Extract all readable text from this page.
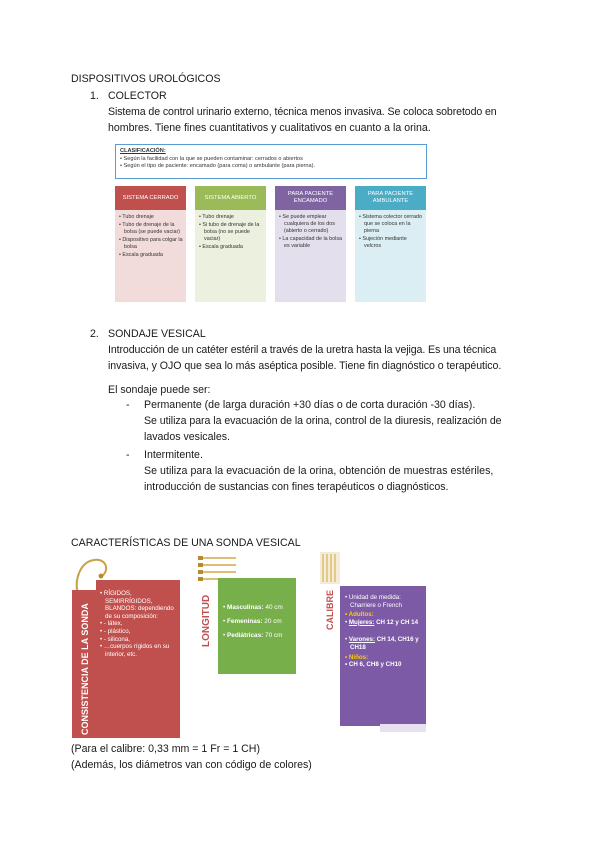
DISPOSITIVOS UROLÓGICOS
1. COLECTOR
Sistema de control urinario externo, técnica menos invasiva. Se coloca sobretodo en
hombres. Tiene fines cuantitativos y cualitativos en cuanto a la orina.
CLASIFICACIÓN:
• Según la facilidad con la que se pueden contaminar: cerrados o abiertos
• Según el tipo de paciente: encamado (para coma) o ambulante (para pierna).
SISTEMA CERRADO
• Tubo drenaje
• Tubo de drenaje de la bolsa (se puede vaciar)
• Dispositivo para colgar la bolsa
• Escala graduada
SISTEMA ABIERTO
• Tubo drenaje
• Si tubo de drenaje de la bolsa (no se puede vaciar)
• Escala graduada
PARA PACIENTE ENCAMADO
• Se puede emplear cualquiera de los dos (abierto o cerrado)
• La capacidad de la bolsa es variable
PARA PACIENTE AMBULANTE
• Sistema colector cerrado que se coloca en la pierna
• Sujeción mediante velcros
2. SONDAJE VESICAL
Introducción de un catéter estéril a través de la uretra hasta la vejiga. Es una técnica
invasiva, y OJO que sea lo más aséptica posible. Tiene fin diagnóstico o terapéutico.
El sondaje puede ser:
- Permanente (de larga duración +30 días o de corta duración -30 días).
Se utiliza para la evacuación de la orina, control de la diuresis, realización de
lavados vesicales.
- Intermitente.
Se utiliza para la evacuación de la orina, obtención de muestras estériles,
introducción de sustancias con fines terapéuticos o diagnósticos.
CARACTERÍSTICAS DE UNA SONDA VESICAL
CONSISTENCIA DE LA SONDA
• RÍGIDOS, SEMIRRÍGIDOS, BLANDOS: dependiendo de su composición:
• - látex,
• - plástico,
• - silicona,
• …cuerpos rígidos en su interior, etc.
LONGITUD	• Masculinas: 40 cm
• Femeninas: 20 cm
• Pediátricas: 70 cm
CALIBRE	• Unidad de medida: Charriere o French
• Adultos:
• Mujeres: CH 12 y CH 14
• Varones: CH 14, CH16 y CH18
• Niños:
• CH 6, CH8 y CH10
(Para el calibre: 0,33 mm = 1 Fr = 1 CH)
(Además, los diámetros van con código de colores)
